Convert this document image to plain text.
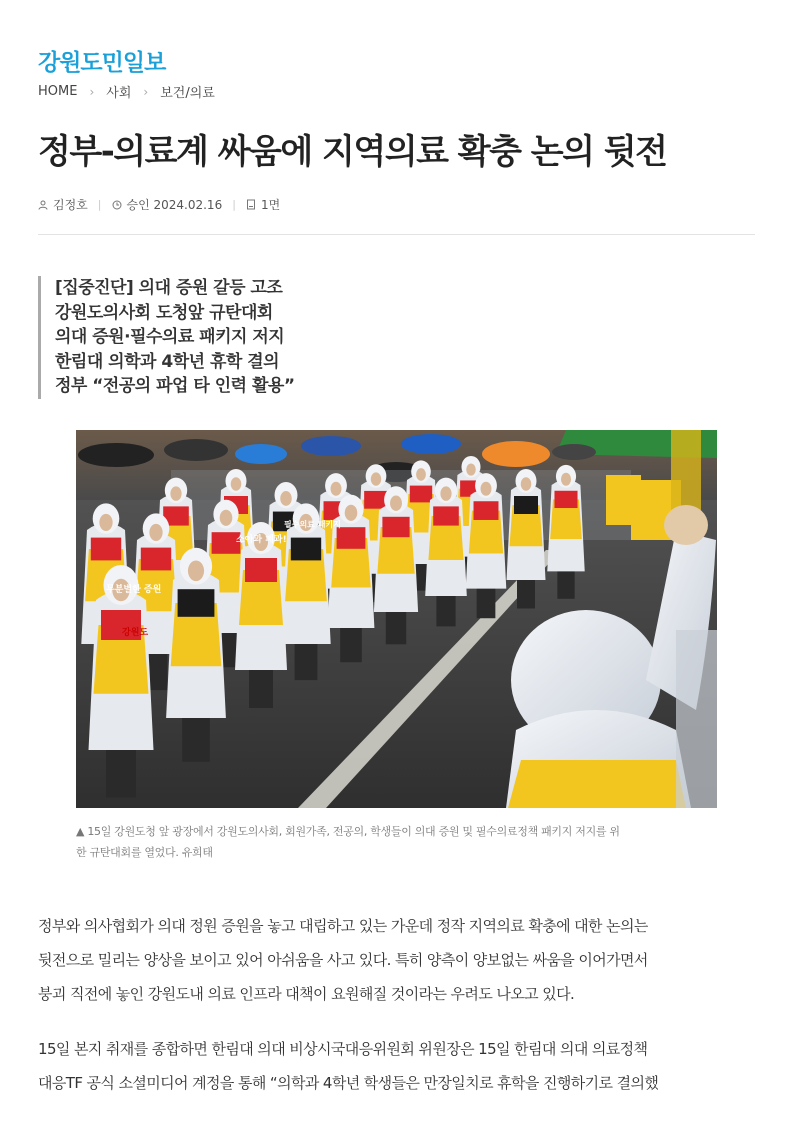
강원도민일보
HOME › 사회 › 보건/의료
정부-의료계 싸움에 지역의료 확충 논의 뒷전
김정호 | 승인 2024.02.16 | 1면
[집중진단] 의대 증원 갈등 고조
강원도의사회 도청앞 규탄대회
의대 증원·필수의료 패키지 저지
한림대 의학과 4학년 휴학 결의
정부 “전공의 파업 타 인력 활용”
무분별한 증원
소아과 폐과!
필수의료 패키지
강원도
▲ 15일 강원도청 앞 광장에서 강원도의사회, 회원가족, 전공의, 학생들이 의대 증원 및 필수의료정책 패키지 저지를 위
한 규탄대회를 열었다. 유희태
정부와 의사협회가 의대 정원 증원을 놓고 대립하고 있는 가운데 정작 지역의료 확충에 대한 논의는
뒷전으로 밀리는 양상을 보이고 있어 아쉬움을 사고 있다. 특히 양측이 양보없는 싸움을 이어가면서
붕괴 직전에 놓인 강원도내 의료 인프라 대책이 요원해질 것이라는 우려도 나오고 있다.
15일 본지 취재를 종합하면 한림대 의대 비상시국대응위원회 위원장은 15일 한림대 의대 의료정책
대응TF 공식 소셜미디어 계정을 통해 “의학과 4학년 학생들은 만장일치로 휴학을 진행하기로 결의했
